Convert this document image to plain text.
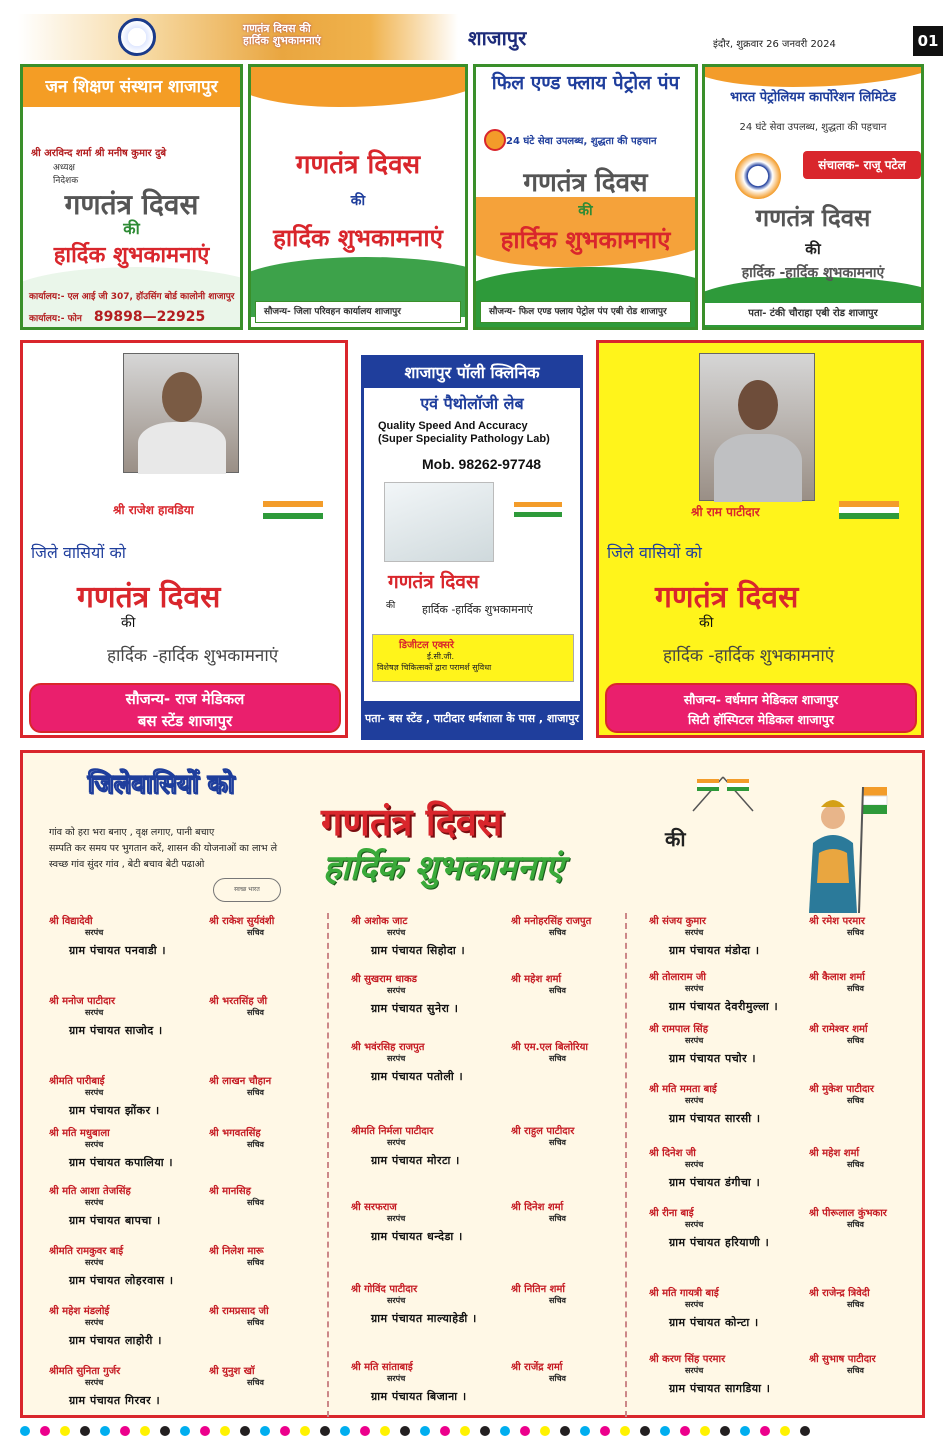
गणतंत्र दिवस की
हार्दिक शुभकामनाएं	शाजापुर	इंदौर, शुक्रवार 26 जनवरी 2024	01
जन शिक्षण संस्थान शाजापुर
श्री अरविन्द शर्मा श्री मनीष कुमार दुबे
अध्यक्षनिदेशक
गणतंत्र दिवस
की
हार्दिक शुभकामनाएं
कार्यालय:- एल आई जी 307, हॉउसिंग बोर्ड कालोनी शाजापुर
कार्यालय:- फोन 89898—22925
गणतंत्र दिवस
की
हार्दिक शुभकामनाएं
सौजन्य- जिला परिवहन कार्यालय शाजापुर
फिल एण्ड फ्लाय पेट्रोल पंप
24 घंटे सेवा उपलब्ध, शुद्धता की पहचान
गणतंत्र दिवस
की
हार्दिक शुभकामनाएं
सौजन्य- फिल एण्ड फ्लाय पेट्रोल पंप एबी रोड शाजापुर
भारत पेट्रोलियम कार्पोरेशन लिमिटेड
24 घंटे सेवा उपलब्ध, शुद्धता की पहचान
संचालक- राजू पटेल
गणतंत्र दिवस
की
हार्दिक -हार्दिक शुभकामनाएं
पता- टंकी चौराहा एबी रोड शाजापुर
श्री राजेश हावडिया
जिले वासियों को
गणतंत्र दिवस
की
हार्दिक -हार्दिक शुभकामनाएं
सौजन्य- राज मेडिकल
बस स्टेंड शाजापुर
शाजापुर पॉली क्लिनिक
एवं पैथोलॉजी लेब
Quality Speed And Accuracy
(Super Speciality Pathology Lab)
Mob. 98262-97748
गणतंत्र दिवस
की हार्दिक -हार्दिक शुभकामनाएं
डिजीटल एक्सरे
ई.सी.जी.
विशेषज्ञ चिकित्सकों द्वारा परामर्श सुविधा
पता- बस स्टेंड , पाटीदार धर्मशाला के पास , शाजापुर
श्री राम पाटीदार
जिले वासियों को
गणतंत्र दिवस
की
हार्दिक -हार्दिक शुभकामनाएं
सौजन्य- वर्धमान मेडिकल शाजापुर
सिटी हॉस्पिटल मेडिकल शाजापुर
जिलेवासियों को
गणतंत्र दिवस	की
हार्दिक शुभकामनाएं
गांव को हरा भरा बनाए , वृक्ष लगाए, पानी बचाए
सम्पति कर समय पर भुगतान करें, शासन की योजनाओं का लाभ ले
स्वच्छ गांव सुंदर गांव , बेटी बचाव बेटी पढाओ
स्वच्छ भारत
श्री विद्यादेवी
सरपंच
श्री राकेश सुर्यवंशी
सचिव
ग्राम पंचायत पनवाडी ।
श्री मनोज पाटीदार
सरपंच
श्री भरतसिंह जी
सचिव
ग्राम पंचायत साजोद ।
श्रीमति पारीबाई
सरपंच
श्री लाखन चौहान
सचिव
ग्राम पंचायत झोंकर ।
श्री मति मधुबाला
सरपंच
श्री भगवतसिंह
सचिव
ग्राम पंचायत कपालिया ।
श्री मति आशा तेजसिंह
सरपंच
श्री मानसिह
सचिव
ग्राम पंचायत बापचा ।
श्रीमति रामकुवर बाई
सरपंच
श्री निलेश मारू
सचिव
ग्राम पंचायत लोहरवास ।
श्री महेश मंडलोई
सरपंच
श्री रामप्रसाद जी
सचिव
ग्राम पंचायत लाहोरी ।
श्रीमति सुनिता गुर्जर
सरपंच
श्री युनुश खॉ
सचिव
ग्राम पंचायत गिरवर ।
श्री अशोक जाट
सरपंच
श्री मनोहरसिंह राजपुत
सचिव
ग्राम पंचायत सिहोदा ।
श्री सुखराम धाकड
सरपंच
श्री महेश शर्मा
सचिव
ग्राम पंचायत सुनेरा ।
श्री भवंरसिह राजपुत
सरपंच
श्री एम.एल बिलोरिया
सचिव
ग्राम पंचायत पतोली ।
श्रीमति निर्मला पाटीदार
सरपंच
श्री राहुल पाटीदार
सचिव
ग्राम पंचायत मोरटा ।
श्री सरफराज
सरपंच
श्री दिनेश शर्मा
सचिव
ग्राम पंचायत धन्देडा ।
श्री गोविंद पाटीदार
सरपंच
श्री नितिन शर्मा
सचिव
ग्राम पंचायत माल्याहेडी ।
श्री मति सांताबाई
सरपंच
श्री राजेंद्र शर्मा
सचिव
ग्राम पंचायत बिजाना ।
श्री संजय कुमार
सरपंच
श्री रमेश परमार
सचिव
ग्राम पंचायत मंडोदा ।
श्री तोलाराम जी
सरपंच
श्री कैलाश शर्मा
सचिव
ग्राम पंचायत देवरीमुल्ला ।
श्री रामपाल सिंह
सरपंच
श्री रामेश्वर शर्मा
सचिव
ग्राम पंचायत पचोर ।
श्री मति ममता बाई
सरपंच
श्री मुकेश पाटीदार
सचिव
ग्राम पंचायत सारसी ।
श्री दिनेश जी
सरपंच
श्री महेश शर्मा
सचिव
ग्राम पंचायत डंगीचा ।
श्री रीना बाई
सरपंच
श्री पीरूलाल कुंभकार
सचिव
ग्राम पंचायत हरियाणी ।
श्री मति गायत्री बाई
सरपंच
श्री राजेन्द्र त्रिवेदी
सचिव
ग्राम पंचायत कोन्टा ।
श्री करण सिंह परमार
सरपंच
श्री सुभाष पाटीदार
सचिव
ग्राम पंचायत सागडिया ।
